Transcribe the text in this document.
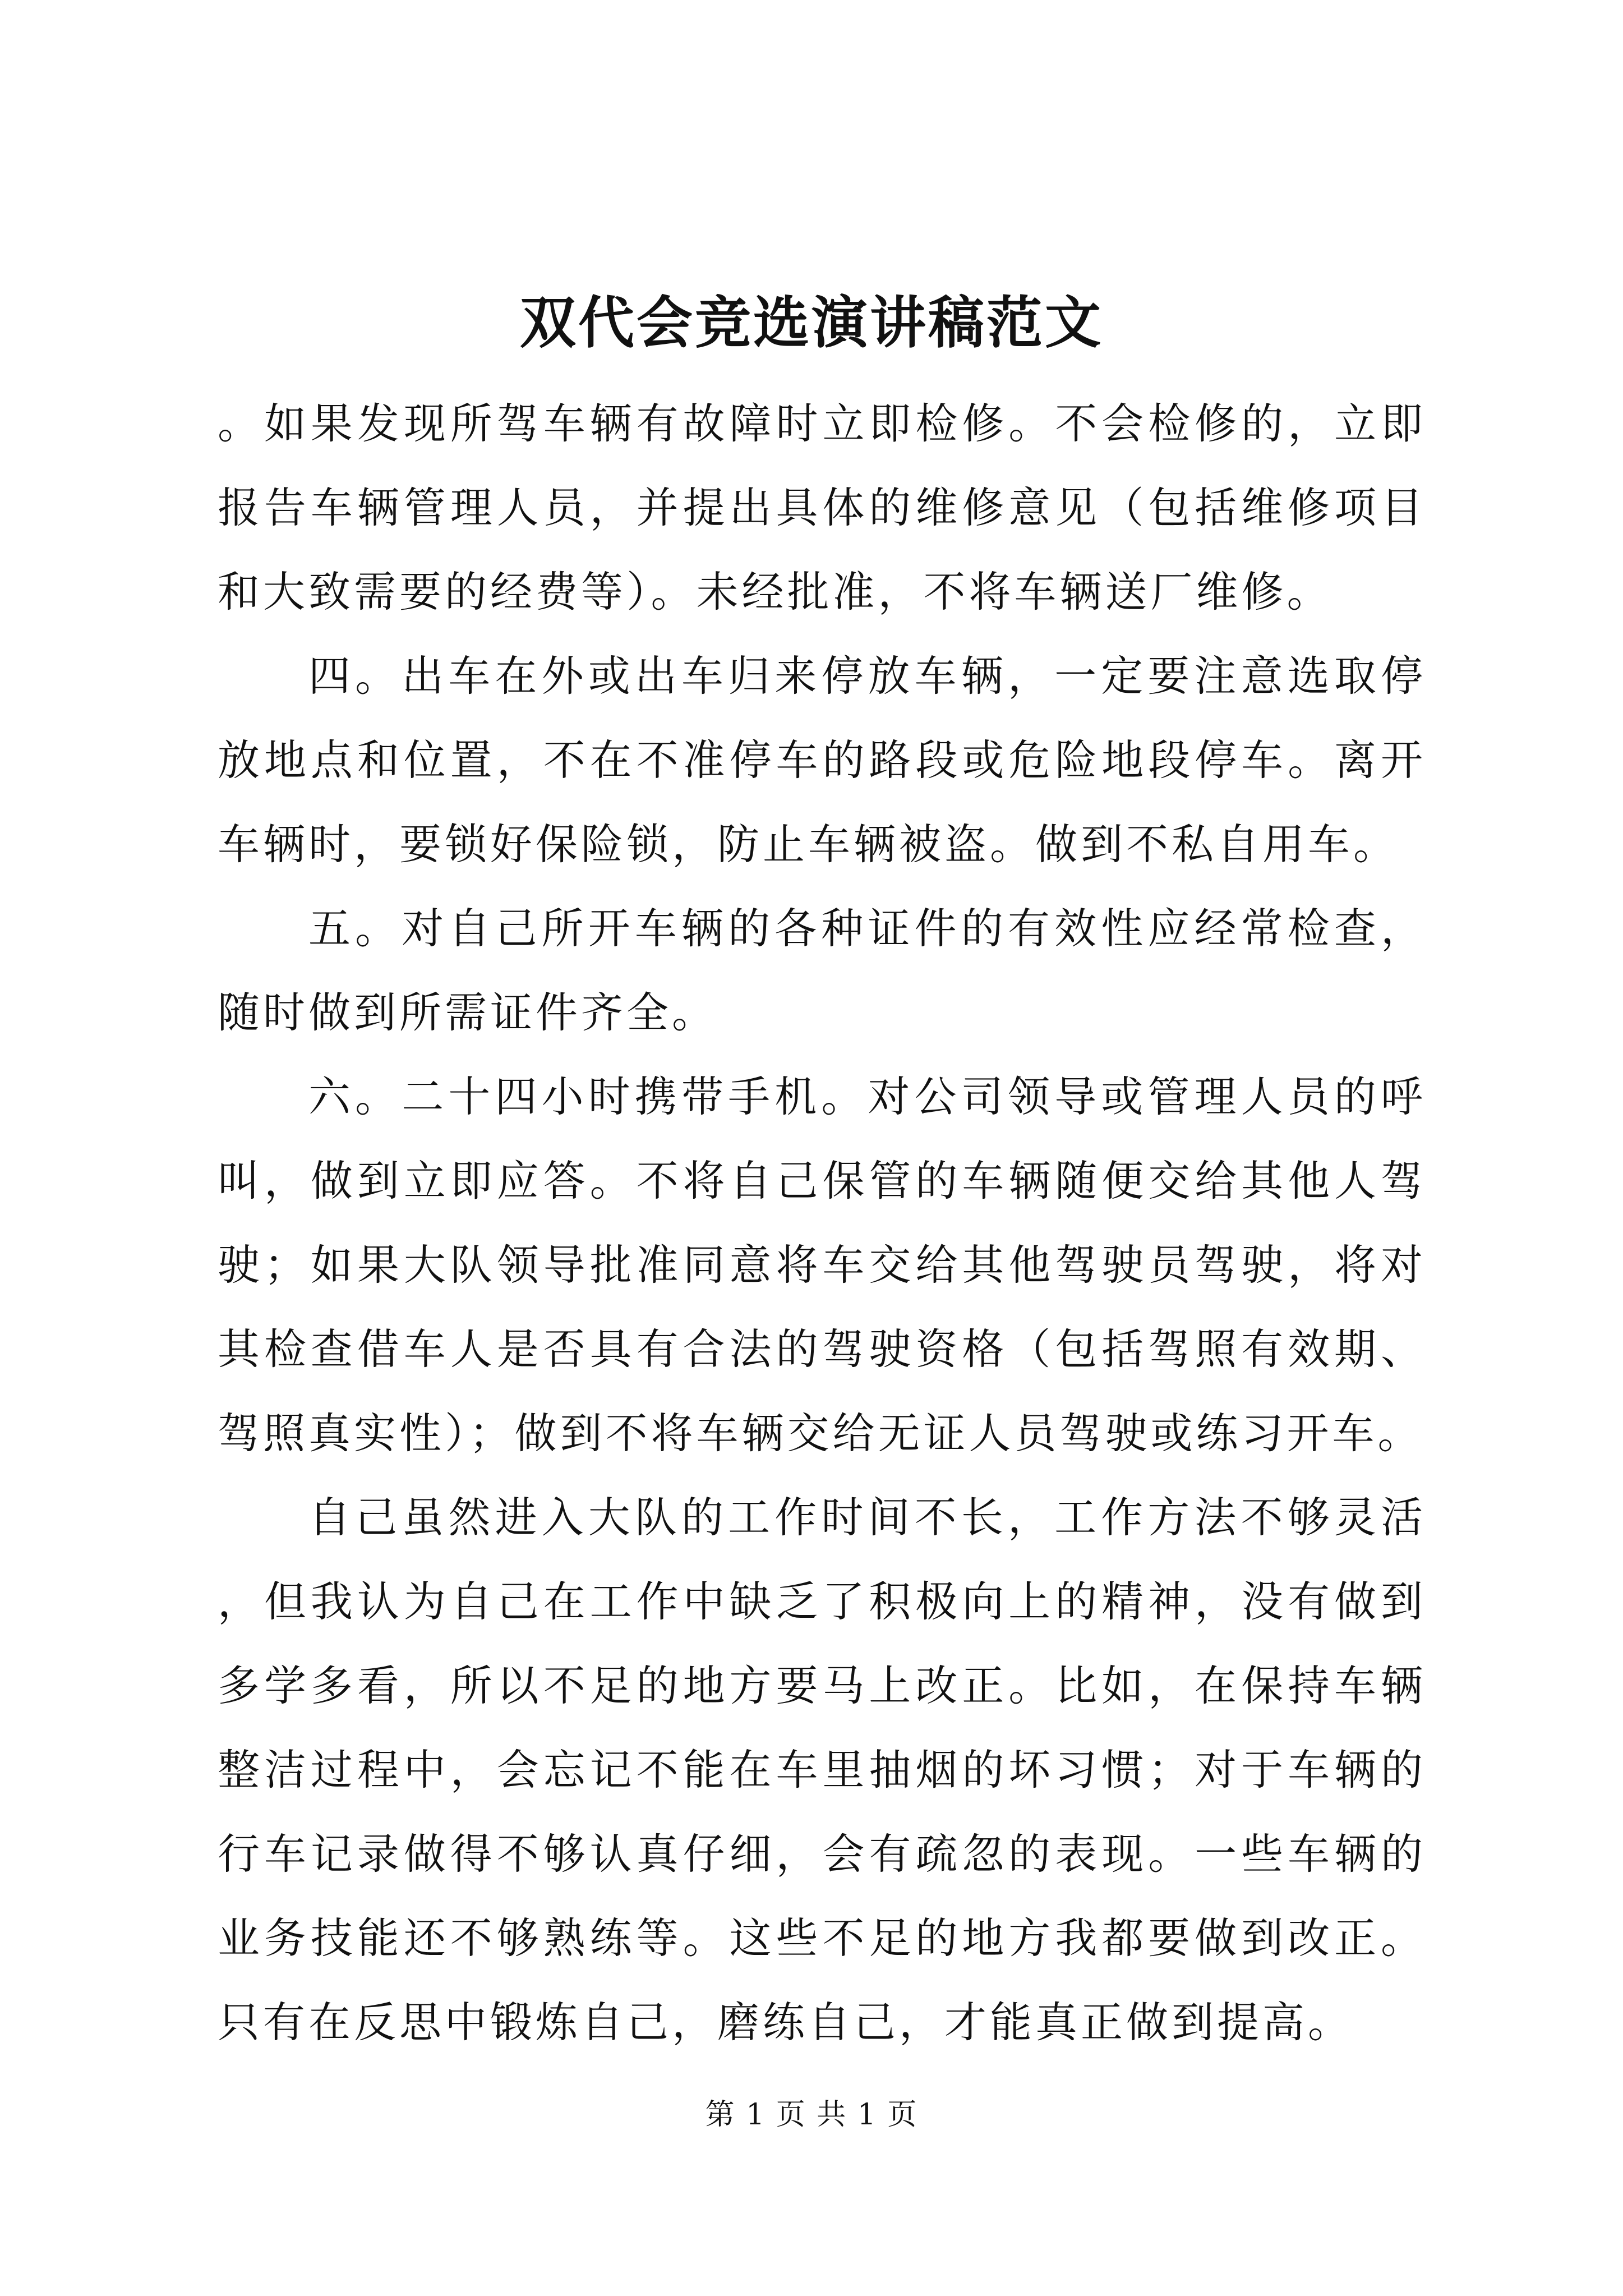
双代会竞选演讲稿范文

。如果发现所驾车辆有故障时立即检修。不会检修的，立即报告车辆管理人员，并提出具体的维修意见（包括维修项目和大致需要的经费等）。未经批准，不将车辆送厂维修。

四。出车在外或出车归来停放车辆，一定要注意选取停放地点和位置，不在不准停车的路段或危险地段停车。离开车辆时，要锁好保险锁，防止车辆被盗。做到不私自用车。

五。对自己所开车辆的各种证件的有效性应经常检查，随时做到所需证件齐全。

六。二十四小时携带手机。对公司领导或管理人员的呼叫，做到立即应答。不将自己保管的车辆随便交给其他人驾驶；如果大队领导批准同意将车交给其他驾驶员驾驶，将对其检查借车人是否具有合法的驾驶资格（包括驾照有效期、驾照真实性）；做到不将车辆交给无证人员驾驶或练习开车。

自己虽然进入大队的工作时间不长，工作方法不够灵活，但我认为自己在工作中缺乏了积极向上的精神，没有做到多学多看，所以不足的地方要马上改正。比如，在保持车辆整洁过程中，会忘记不能在车里抽烟的坏习惯；对于车辆的行车记录做得不够认真仔细，会有疏忽的表现。一些车辆的业务技能还不够熟练等。这些不足的地方我都要做到改正。只有在反思中锻炼自己，磨练自己，才能真正做到提高。

第 1 页 共 1 页
